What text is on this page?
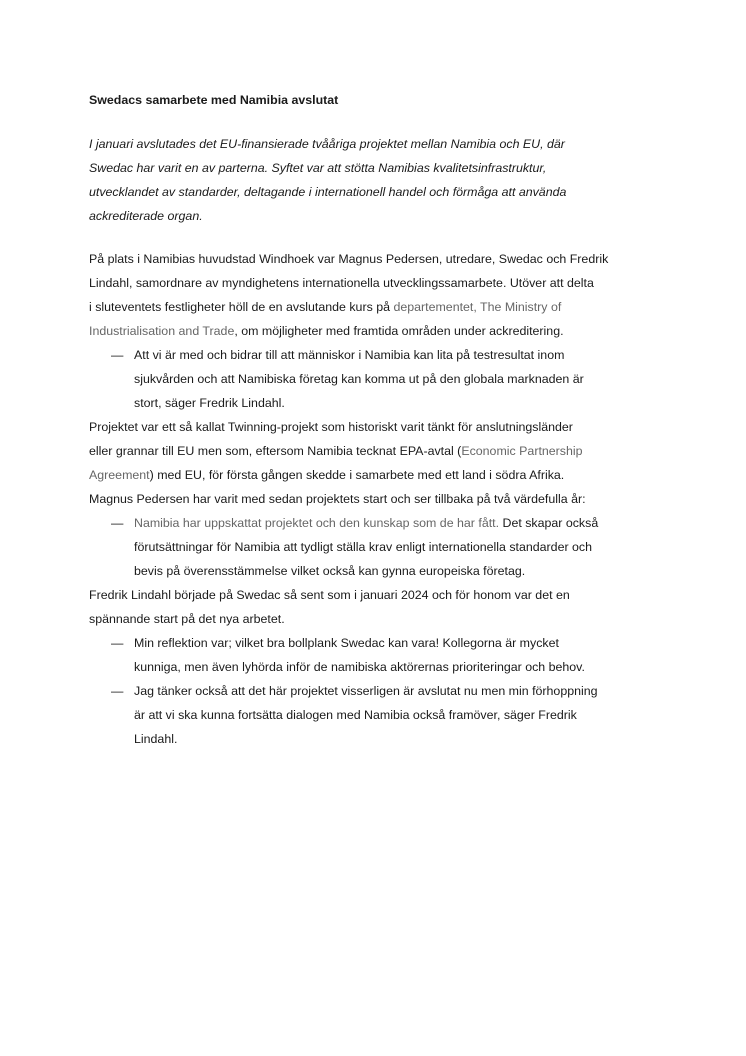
Swedacs samarbete med Namibia avslutat
I januari avslutades det EU-finansierade tvååriga projektet mellan Namibia och EU, där
Swedac har varit en av parterna. Syftet var att stötta Namibias kvalitetsinfrastruktur,
utvecklandet av standarder, deltagande i internationell handel och förmåga att använda
ackrediterade organ.
På plats i Namibias huvudstad Windhoek var Magnus Pedersen, utredare, Swedac och Fredrik
Lindahl, samordnare av myndighetens internationella utvecklingssamarbete. Utöver att delta
i sluteventets festligheter höll de en avslutande kurs på departementet, The Ministry of
Industrialisation and Trade, om möjligheter med framtida områden under ackreditering.
— Att vi är med och bidrar till att människor i Namibia kan lita på testresultat inom
sjukvården och att Namibiska företag kan komma ut på den globala marknaden är
stort, säger Fredrik Lindahl.
Projektet var ett så kallat Twinning-projekt som historiskt varit tänkt för anslutningsländer
eller grannar till EU men som, eftersom Namibia tecknat EPA-avtal (Economic Partnership
Agreement) med EU, för första gången skedde i samarbete med ett land i södra Afrika.
Magnus Pedersen har varit med sedan projektets start och ser tillbaka på två värdefulla år:
— Namibia har uppskattat projektet och den kunskap som de har fått. Det skapar också
förutsättningar för Namibia att tydligt ställa krav enligt internationella standarder och
bevis på överensstämmelse vilket också kan gynna europeiska företag.
Fredrik Lindahl började på Swedac så sent som i januari 2024 och för honom var det en
spännande start på det nya arbetet.
— Min reflektion var; vilket bra bollplank Swedac kan vara! Kollegorna är mycket
kunniga, men även lyhörda inför de namibiska aktörernas prioriteringar och behov.
— Jag tänker också att det här projektet visserligen är avslutat nu men min förhoppning
är att vi ska kunna fortsätta dialogen med Namibia också framöver, säger Fredrik
Lindahl.
